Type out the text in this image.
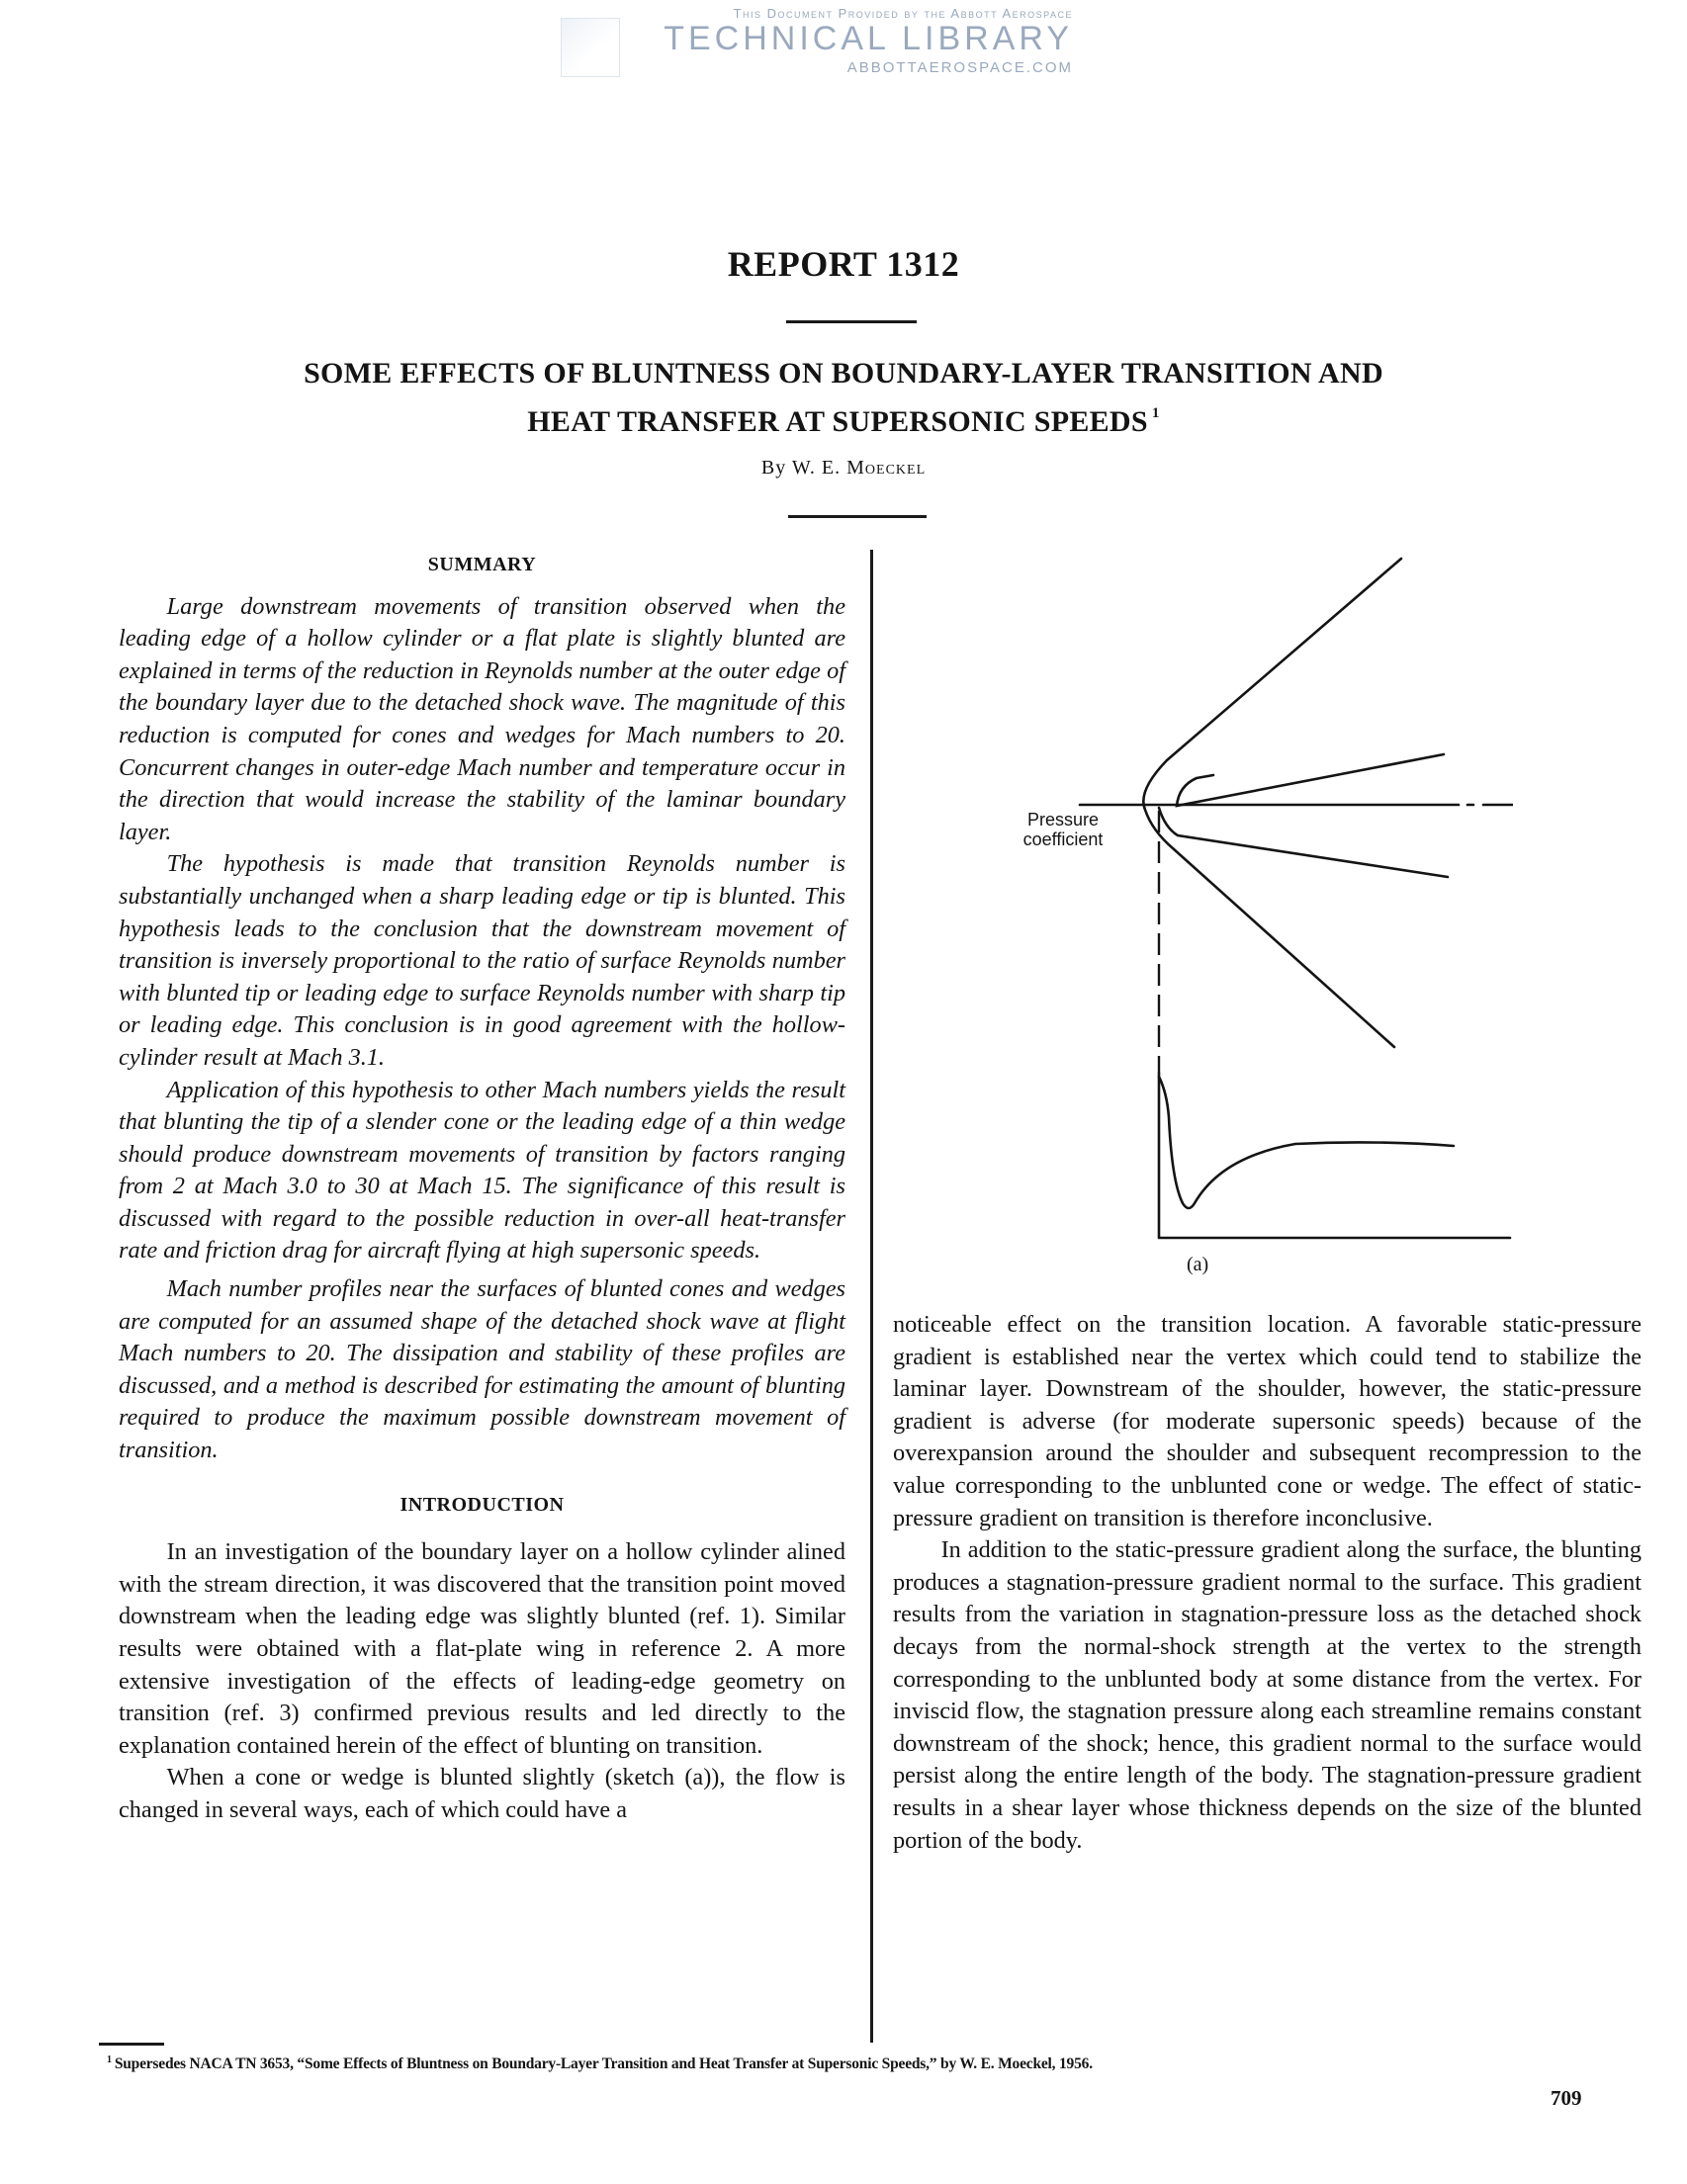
This Document Provided by the Abbott Aerospace
TECHNICAL LIBRARY
ABBOTTAEROSPACE.COM
REPORT 1312
SOME EFFECTS OF BLUNTNESS ON BOUNDARY-LAYER TRANSITION AND
HEAT TRANSFER AT SUPERSONIC SPEEDS $^1$
By W. E. Moeckel
SUMMARY

Large downstream movements of transition observed when the leading edge of a hollow cylinder or a flat plate is slightly blunted are explained in terms of the reduction in Reynolds number at the outer edge of the boundary layer due to the detached shock wave. The magnitude of this reduction is computed for cones and wedges for Mach numbers to 20. Concurrent changes in outer-edge Mach number and temperature occur in the direction that would increase the stability of the laminar boundary layer.

The hypothesis is made that transition Reynolds number is substantially unchanged when a sharp leading edge or tip is blunted. This hypothesis leads to the conclusion that the downstream movement of transition is inversely proportional to the ratio of surface Reynolds number with blunted tip or leading edge to surface Reynolds number with sharp tip or leading edge. This conclusion is in good agreement with the hollow-cylinder result at Mach 3.1.

Application of this hypothesis to other Mach numbers yields the result that blunting the tip of a slender cone or the leading edge of a thin wedge should produce downstream movements of transition by factors ranging from 2 at Mach 3.0 to 30 at Mach 15. The significance of this result is discussed with regard to the possible reduction in over-all heat-transfer rate and friction drag for aircraft flying at high supersonic speeds.

Mach number profiles near the surfaces of blunted cones and wedges are computed for an assumed shape of the detached shock wave at flight Mach numbers to 20. The dissipation and stability of these profiles are discussed, and a method is described for estimating the amount of blunting required to produce the maximum possible downstream movement of transition.

INTRODUCTION

In an investigation of the boundary layer on a hollow cylinder alined with the stream direction, it was discovered that the transition point moved downstream when the leading edge was slightly blunted (ref. 1). Similar results were obtained with a flat-plate wing in reference 2. A more extensive investigation of the effects of leading-edge geometry on transition (ref. 3) confirmed previous results and led directly to the explanation contained herein of the effect of blunting on transition.

When a cone or wedge is blunted slightly (sketch (a)), the flow is changed in several ways, each of which could have a

Pressure
coefficient
(a)

noticeable effect on the transition location. A favorable static-pressure gradient is established near the vertex which could tend to stabilize the laminar layer. Downstream of the shoulder, however, the static-pressure gradient is adverse (for moderate supersonic speeds) because of the overexpansion around the shoulder and subsequent recompression to the value corresponding to the unblunted cone or wedge. The effect of static-pressure gradient on transition is therefore inconclusive.

In addition to the static-pressure gradient along the surface, the blunting produces a stagnation-pressure gradient normal to the surface. This gradient results from the variation in stagnation-pressure loss as the detached shock decays from the normal-shock strength at the vertex to the strength corresponding to the unblunted body at some distance from the vertex. For inviscid flow, the stagnation pressure along each streamline remains constant downstream of the shock; hence, this gradient normal to the surface would persist along the entire length of the body. The stagnation-pressure gradient results in a shear layer whose thickness depends on the size of the blunted portion of the body.

$^1$ Supersedes NACA TN 3653, “Some Effects of Bluntness on Boundary-Layer Transition and Heat Transfer at Supersonic Speeds,” by W. E. Moeckel, 1956.
709
